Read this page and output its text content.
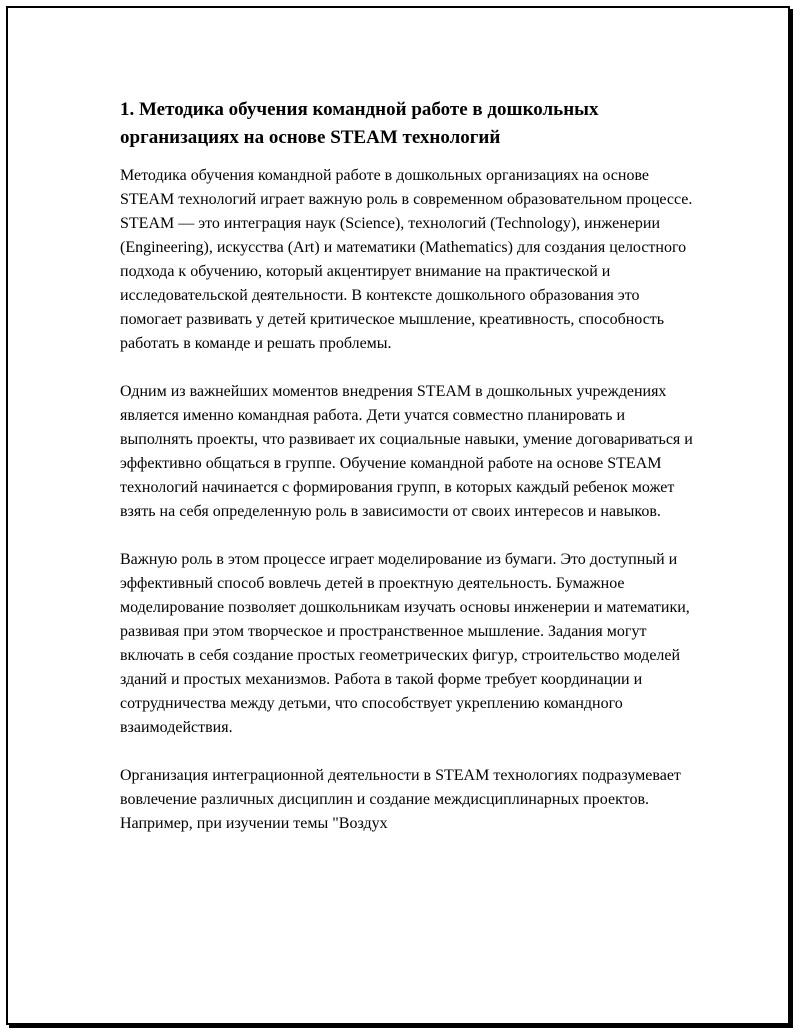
1. Методика обучения командной работе в дошкольных организациях на основе STEAM технологий

Методика обучения командной работе в дошкольных организациях на основе STEAM технологий играет важную роль в современном образовательном процессе. STEAM — это интеграция наук (Science), технологий (Technology), инженерии (Engineering), искусства (Art) и математики (Mathematics) для создания целостного подхода к обучению, который акцентирует внимание на практической и исследовательской деятельности. В контексте дошкольного образования это помогает развивать у детей критическое мышление, креативность, способность работать в команде и решать проблемы.

Одним из важнейших моментов внедрения STEAM в дошкольных учреждениях является именно командная работа. Дети учатся совместно планировать и выполнять проекты, что развивает их социальные навыки, умение договариваться и эффективно общаться в группе. Обучение командной работе на основе STEAM технологий начинается с формирования групп, в которых каждый ребенок может взять на себя определенную роль в зависимости от своих интересов и навыков.

Важную роль в этом процессе играет моделирование из бумаги. Это доступный и эффективный способ вовлечь детей в проектную деятельность. Бумажное моделирование позволяет дошкольникам изучать основы инженерии и математики, развивая при этом творческое и пространственное мышление. Задания могут включать в себя создание простых геометрических фигур, строительство моделей зданий и простых механизмов. Работа в такой форме требует координации и сотрудничества между детьми, что способствует укреплению командного взаимодействия.

Организация интеграционной деятельности в STEAM технологиях подразумевает вовлечение различных дисциплин и создание междисциплинарных проектов. Например, при изучении темы "Воздух
